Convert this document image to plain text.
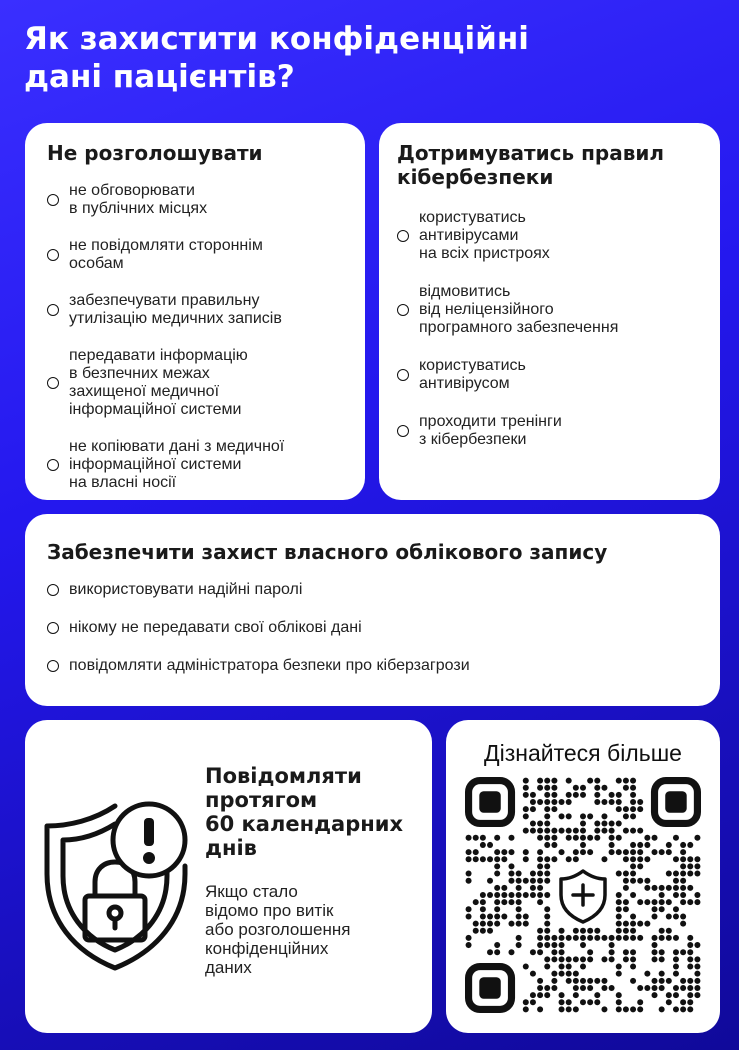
Як захистити конфіденційні
дані пацієнтів?
Не розголошувати
не обговорювати
в публічних місцях
не повідомляти стороннім
особам
забезпечувати правильну
утилізацію медичних записів
передавати інформацію
в безпечних межах
захищеної медичної
інформаційної системи
не копіювати дані з медичної
інформаційної системи
на власні носії
Дотримуватись правил
кібербезпеки
користуватись
антивірусами
на всіх пристроях
відмовитись
від неліцензійного
програмного забезпечення
користуватись
антивірусом
проходити тренінги
з кібербезпеки
Забезпечити захист власного облікового запису
використовувати надійні паролі
нікому не передавати свої облікові дані
повідомляти адміністратора безпеки про кіберзагрози
Повідомляти
протягом
60 календарних
днів
Якщо стало
відомо про витік
або розголошення
конфіденційних
даних
Дізнайтеся більше
